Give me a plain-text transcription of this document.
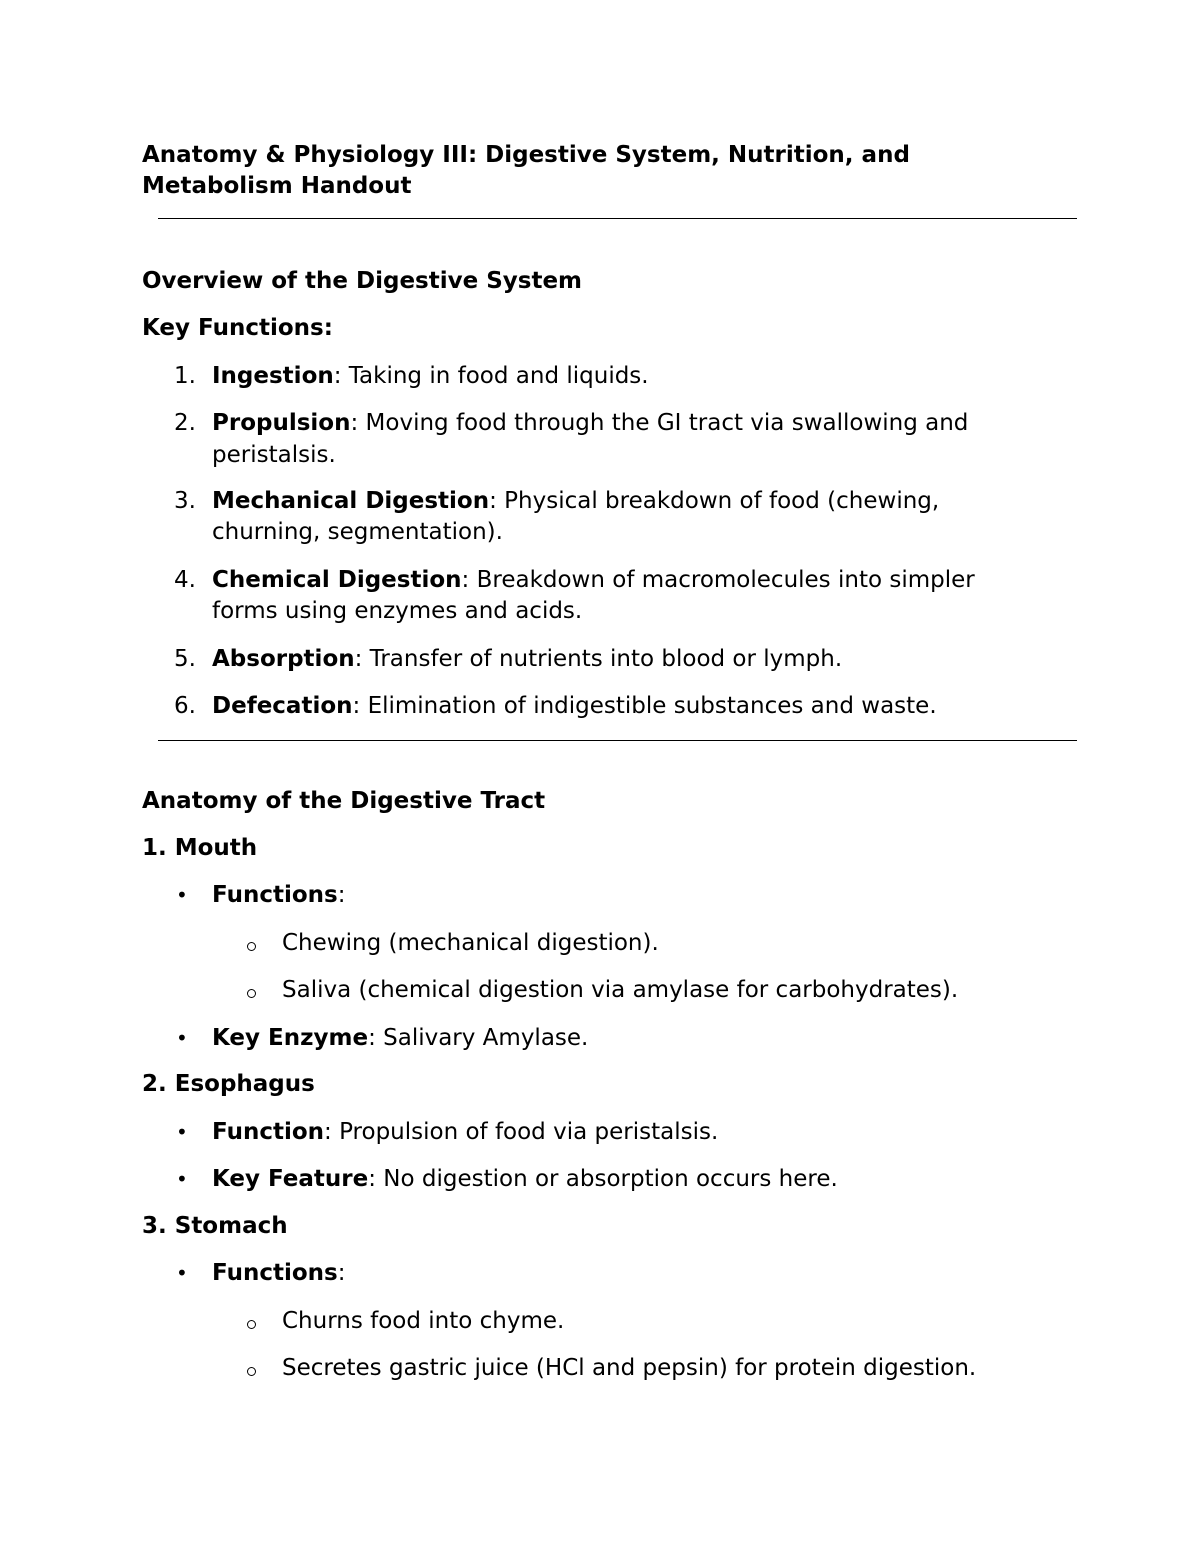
Anatomy & Physiology III: Digestive System, Nutrition, and
Metabolism Handout
Overview of the Digestive System
Key Functions:
1. Ingestion: Taking in food and liquids.
2. Propulsion: Moving food through the GI tract via swallowing and
peristalsis.
3. Mechanical Digestion: Physical breakdown of food (chewing,
churning, segmentation).
4. Chemical Digestion: Breakdown of macromolecules into simpler
forms using enzymes and acids.
5. Absorption: Transfer of nutrients into blood or lymph.
6. Defecation: Elimination of indigestible substances and waste.
Anatomy of the Digestive Tract
1. Mouth
• Functions:
Chewing (mechanical digestion).
Saliva (chemical digestion via amylase for carbohydrates).
• Key Enzyme: Salivary Amylase.
2. Esophagus
• Function: Propulsion of food via peristalsis.
• Key Feature: No digestion or absorption occurs here.
3. Stomach
• Functions:
Churns food into chyme.
Secretes gastric juice (HCl and pepsin) for protein digestion.
